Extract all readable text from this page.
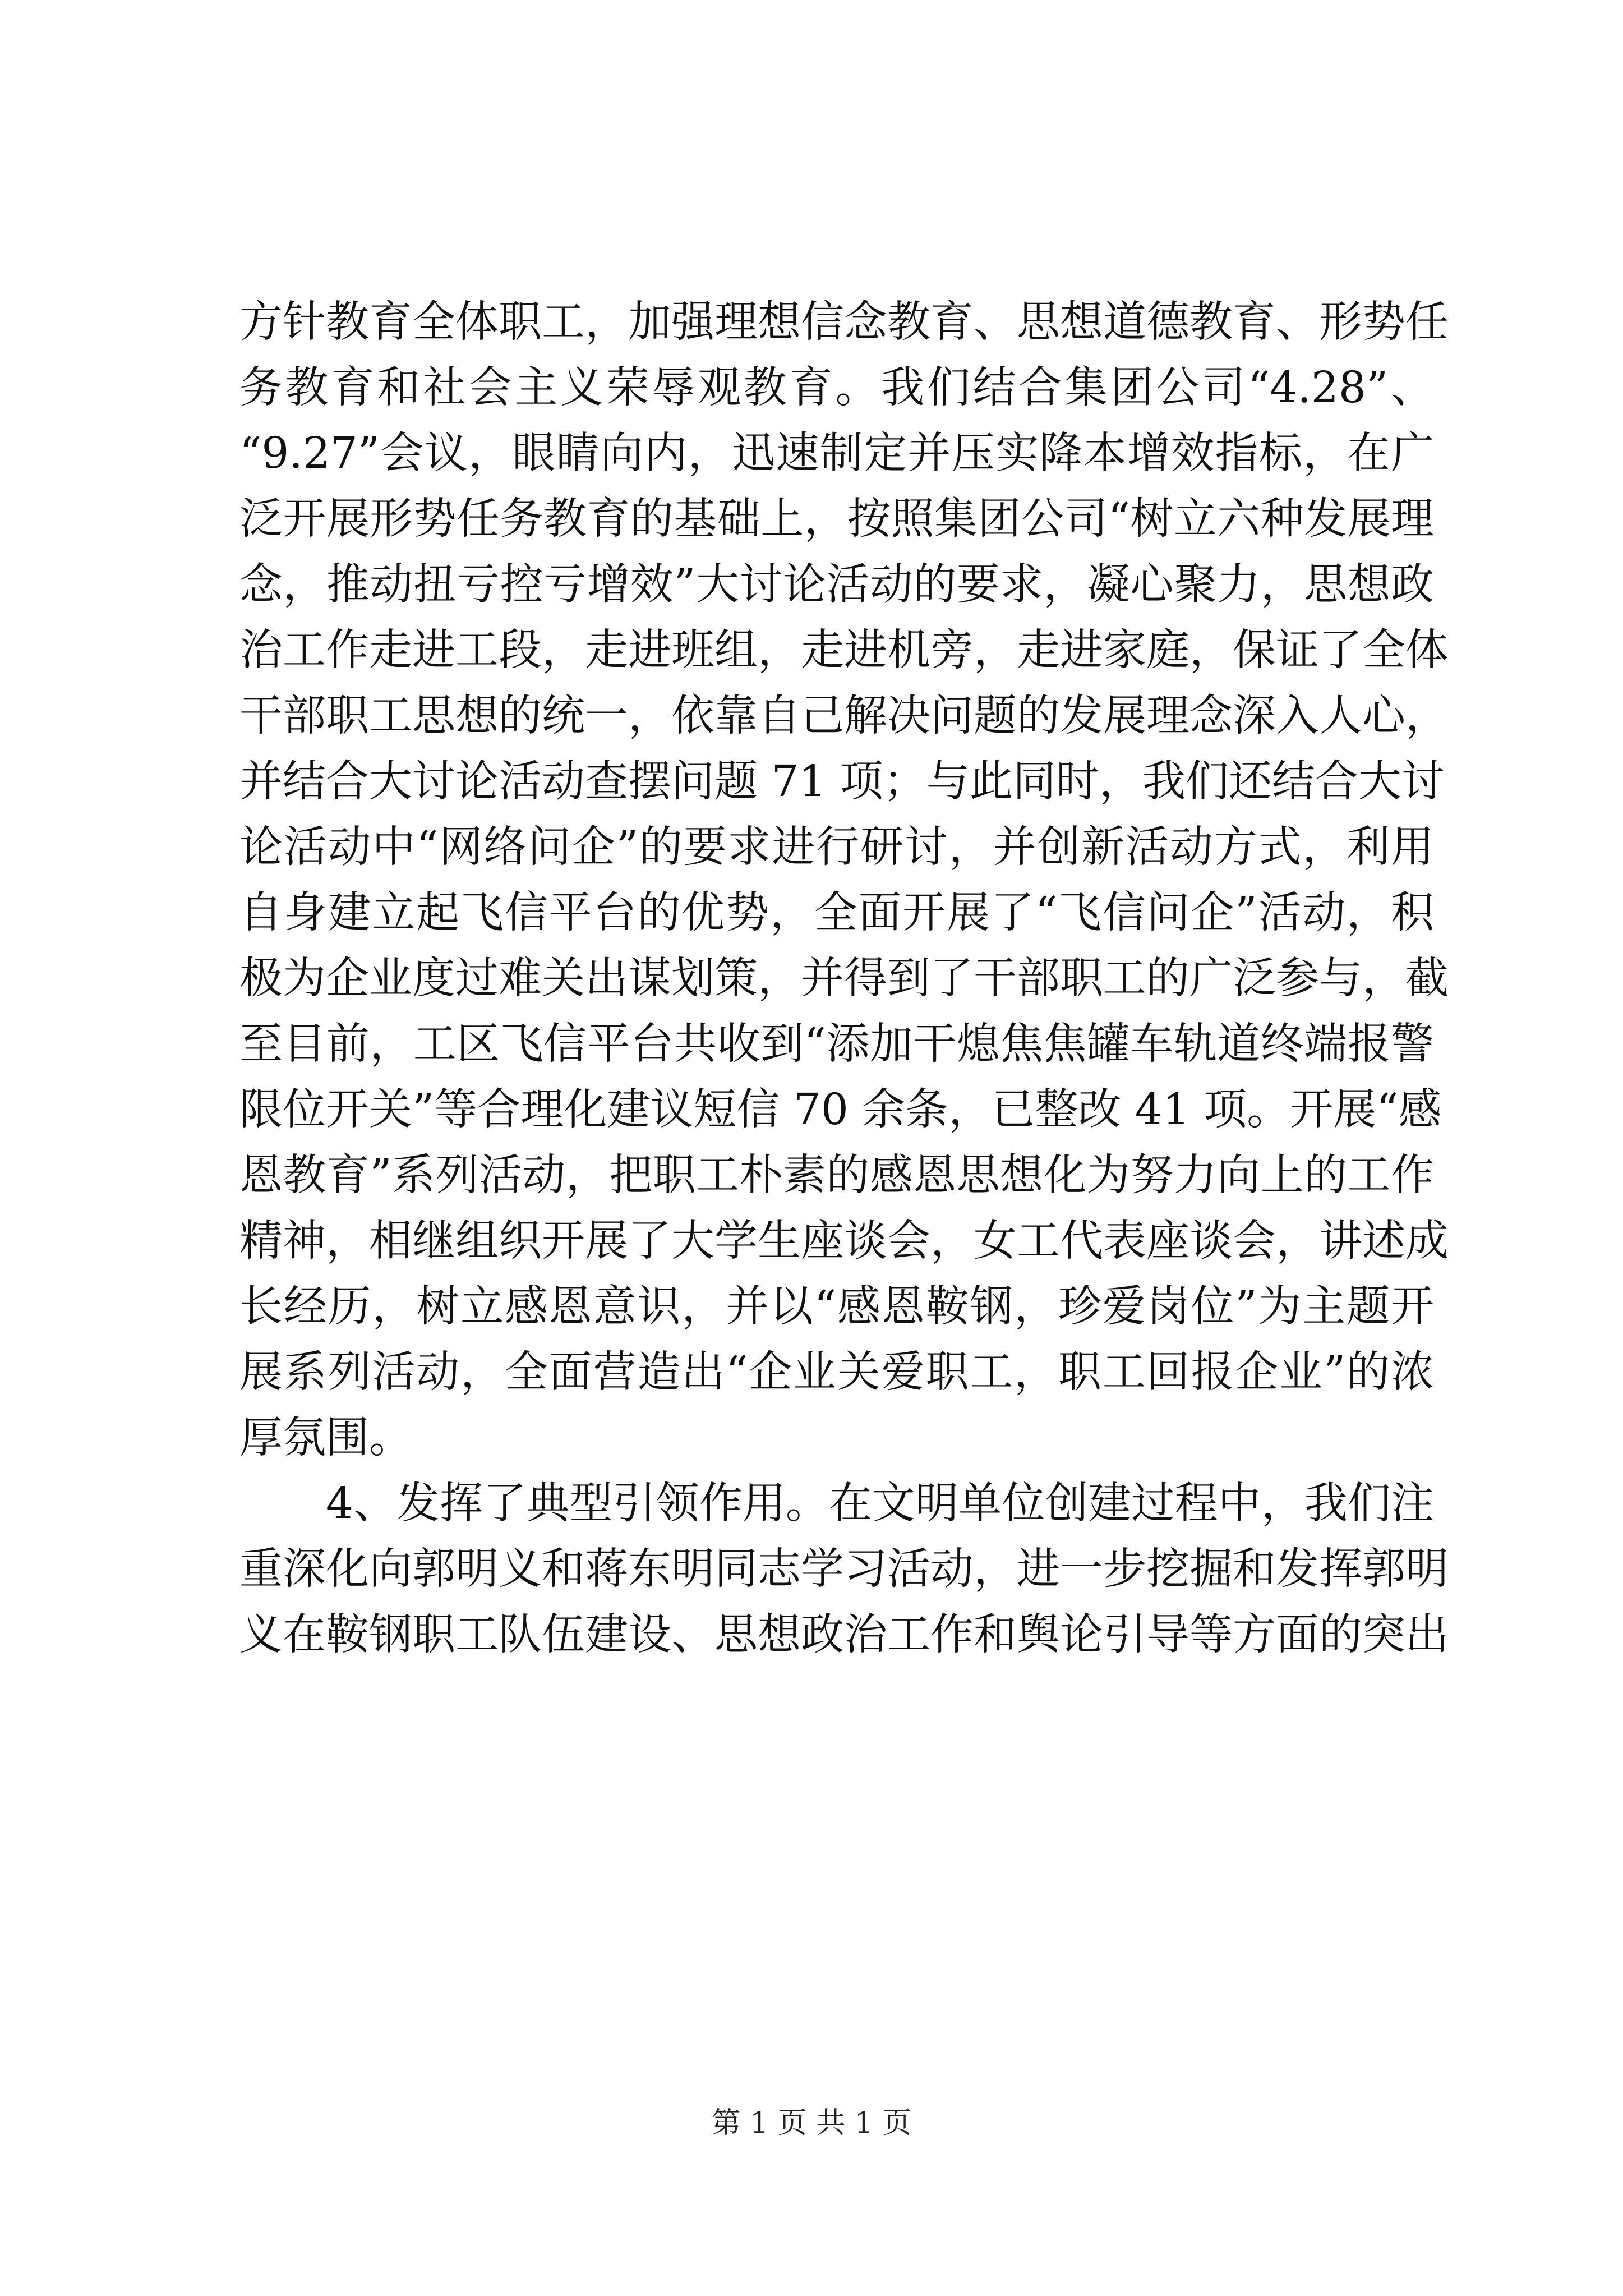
方针教育全体职工，加强理想信念教育、思想道德教育、形势任
务教育和社会主义荣辱观教育。我们结合集团公司“4.28”、
“9.27”会议，眼睛向内，迅速制定并压实降本增效指标，在广
泛开展形势任务教育的基础上，按照集团公司“树立六种发展理
念，推动扭亏控亏增效”大讨论活动的要求，凝心聚力，思想政
治工作走进工段，走进班组，走进机旁，走进家庭，保证了全体
干部职工思想的统一，依靠自己解决问题的发展理念深入人心，
并结合大讨论活动查摆问题 71 项；与此同时，我们还结合大讨
论活动中“网络问企”的要求进行研讨，并创新活动方式，利用
自身建立起飞信平台的优势，全面开展了“飞信问企”活动，积
极为企业度过难关出谋划策，并得到了干部职工的广泛参与，截
至目前，工区飞信平台共收到“添加干熄焦焦罐车轨道终端报警
限位开关”等合理化建议短信 70 余条，已整改 41 项。开展“感
恩教育”系列活动，把职工朴素的感恩思想化为努力向上的工作
精神，相继组织开展了大学生座谈会，女工代表座谈会，讲述成
长经历，树立感恩意识，并以“感恩鞍钢，珍爱岗位”为主题开
展系列活动，全面营造出“企业关爱职工，职工回报企业”的浓
厚氛围。
4、发挥了典型引领作用。在文明单位创建过程中，我们注
重深化向郭明义和蒋东明同志学习活动，进一步挖掘和发挥郭明
义在鞍钢职工队伍建设、思想政治工作和舆论引导等方面的突出
第 1 页 共 1 页
